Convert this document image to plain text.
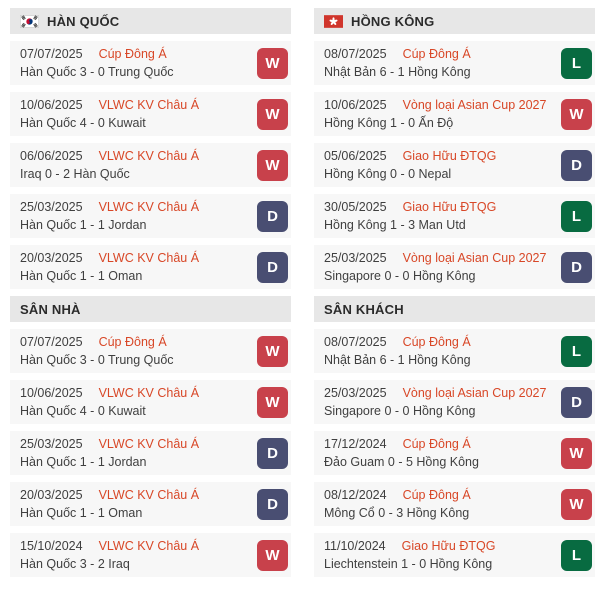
HÀN QUỐC
07/07/2025 Cúp Đông Á
Hàn Quốc 3 - 0 Trung Quốc
W
10/06/2025 VLWC KV Châu Á
Hàn Quốc 4 - 0 Kuwait
W
06/06/2025 VLWC KV Châu Á
Iraq 0 - 2 Hàn Quốc
W
25/03/2025 VLWC KV Châu Á
Hàn Quốc 1 - 1 Jordan
D
20/03/2025 VLWC KV Châu Á
Hàn Quốc 1 - 1 Oman
D
SÂN NHÀ
07/07/2025 Cúp Đông Á
Hàn Quốc 3 - 0 Trung Quốc
W
10/06/2025 VLWC KV Châu Á
Hàn Quốc 4 - 0 Kuwait
W
25/03/2025 VLWC KV Châu Á
Hàn Quốc 1 - 1 Jordan
D
20/03/2025 VLWC KV Châu Á
Hàn Quốc 1 - 1 Oman
D
15/10/2024 VLWC KV Châu Á
Hàn Quốc 3 - 2 Iraq
W
HỒNG KÔNG
08/07/2025 Cúp Đông Á
Nhật Bản 6 - 1 Hồng Kông
L
10/06/2025 Vòng loại Asian Cup 2027
Hồng Kông 1 - 0 Ấn Độ
W
05/06/2025 Giao Hữu ĐTQG
Hồng Kông 0 - 0 Nepal
D
30/05/2025 Giao Hữu ĐTQG
Hồng Kông 1 - 3 Man Utd
L
25/03/2025 Vòng loại Asian Cup 2027
Singapore 0 - 0 Hồng Kông
D
SÂN KHÁCH
08/07/2025 Cúp Đông Á
Nhật Bản 6 - 1 Hồng Kông
L
25/03/2025 Vòng loại Asian Cup 2027
Singapore 0 - 0 Hồng Kông
D
17/12/2024 Cúp Đông Á
Đảo Guam 0 - 5 Hồng Kông
W
08/12/2024 Cúp Đông Á
Mông Cổ 0 - 3 Hồng Kông
W
11/10/2024 Giao Hữu ĐTQG
Liechtenstein 1 - 0 Hồng Kông
L
